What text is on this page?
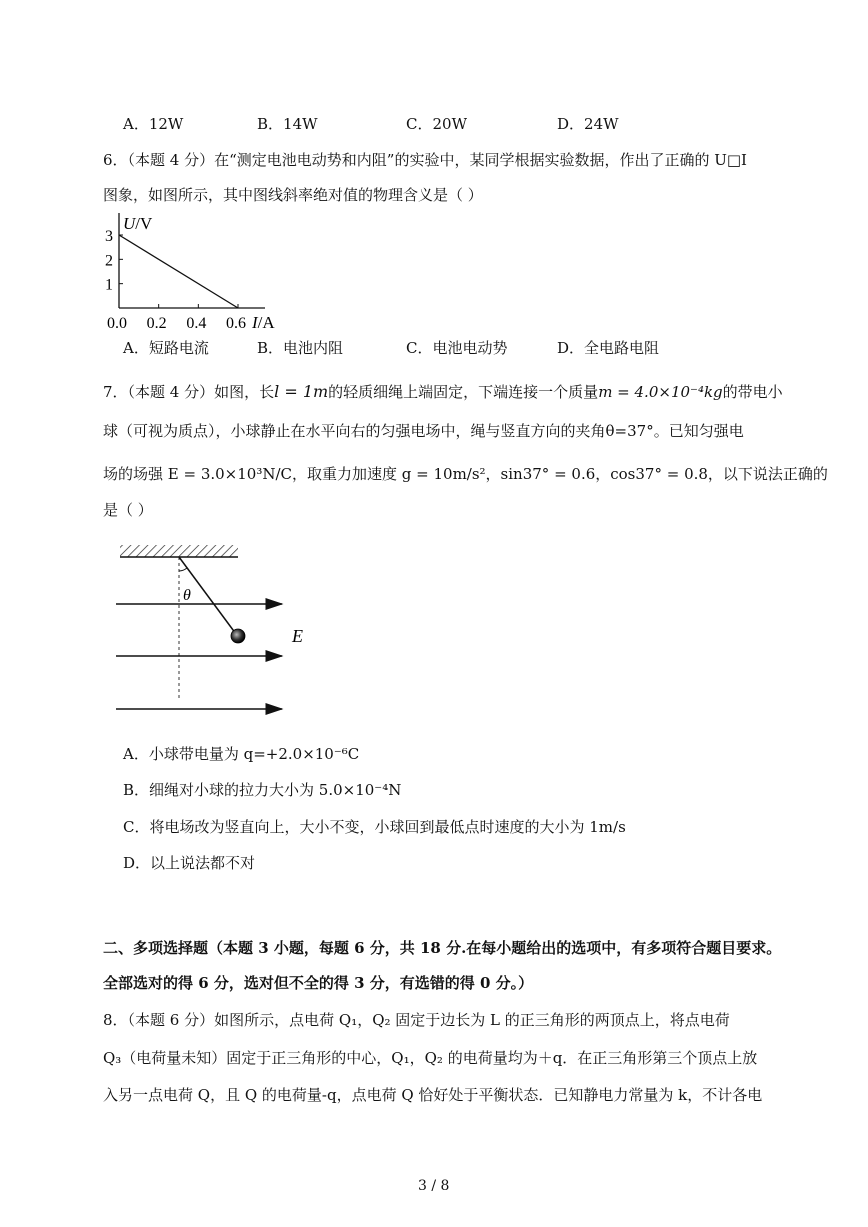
A．12W	B．14W	C．20W	D．24W
6．（本题 4 分）在“测定电池电动势和内阻”的实验中，某同学根据实验数据，作出了正确的 U□I
图象，如图所示，其中图线斜率绝对值的物理含义是（ ）
1
2
3
0.0 0.2 0.4 0.6
U/V
I/A
A．短路电流	B．电池内阻	C．电池电动势	D．全电路电阻
7．（本题 4 分）如图，长l = 1m的轻质细绳上端固定，下端连接一个质量m = 4.0×10⁻⁴kg的带电小
球（可视为质点），小球静止在水平向右的匀强电场中，绳与竖直方向的夹角θ=37°。已知匀强电
场的场强 E = 3.0×10³N/C，取重力加速度 g = 10m/s²，sin37° = 0.6，cos37° = 0.8，以下说法正确的
是（ ）
θ
E
A．小球带电量为 q=+2.0×10⁻⁶C
B．细绳对小球的拉力大小为 5.0×10⁻⁴N
C．将电场改为竖直向上，大小不变，小球回到最低点时速度的大小为 1m/s
D．以上说法都不对
二、多项选择题（本题 3 小题，每题 6 分，共 18 分.在每小题给出的选项中，有多项符合题目要求。
全部选对的得 6 分，选对但不全的得 3 分，有选错的得 0 分。）
8．（本题 6 分）如图所示，点电荷 Q₁，Q₂ 固定于边长为 L 的正三角形的两顶点上，将点电荷
Q₃（电荷量未知）固定于正三角形的中心，Q₁，Q₂ 的电荷量均为＋q．在正三角形第三个顶点上放
入另一点电荷 Q，且 Q 的电荷量-q，点电荷 Q 恰好处于平衡状态．已知静电力常量为 k，不计各电
3 / 8
